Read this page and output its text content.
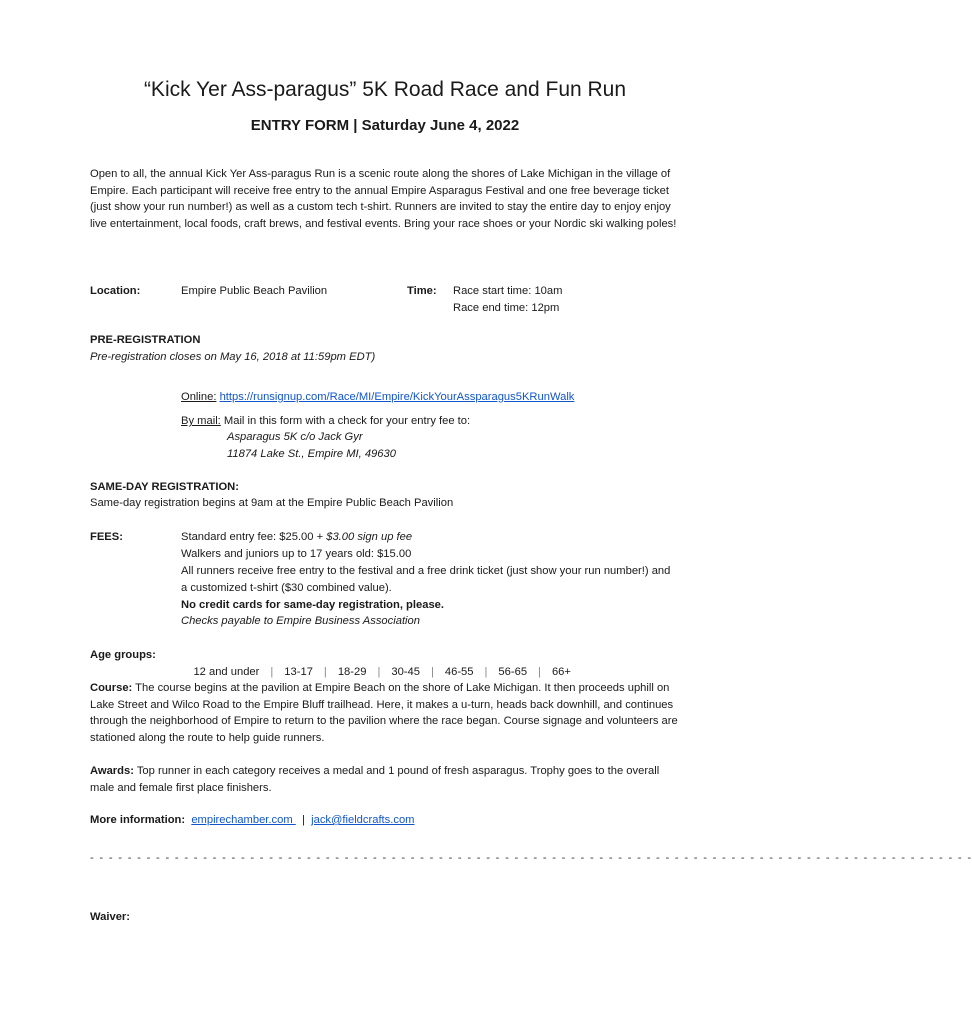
“Kick Yer Ass-paragus” 5K Road Race and Fun Run
ENTRY FORM | Saturday June 4, 2022
Open to all, the annual Kick Yer Ass-paragus Run is a scenic route along the shores of Lake Michigan in the village of Empire. Each participant will receive free entry to the annual Empire Asparagus Festival and one free beverage ticket (just show your run number!) as well as a custom tech t-shirt. Runners are invited to stay the entire day to enjoy enjoy live entertainment, local foods, craft brews, and festival events. Bring your race shoes or your Nordic ski walking poles!
Location:	Empire Public Beach Pavilion	Time: Race start time: 10am
Race end time: 12pm
PRE-REGISTRATION
Pre-registration closes on May 16, 2018 at 11:59pm EDT)
Online: https://runsignup.com/Race/MI/Empire/KickYourAssparagus5KRunWalk
By mail: Mail in this form with a check for your entry fee to:
Asparagus 5K c/o Jack Gyr
11874 Lake St., Empire MI, 49630
SAME-DAY REGISTRATION:
Same-day registration begins at 9am at the Empire Public Beach Pavilion
FEES:	Standard entry fee: $25.00 + $3.00 sign up fee
Walkers and juniors up to 17 years old: $15.00
All runners receive free entry to the festival and a free drink ticket (just show your run number!) and
a customized t-shirt ($30 combined value).
No credit cards for same-day registration, please.
Checks payable to Empire Business Association
Age groups:

12 and under | 13-17 | 18-29 | 30-45 | 46-55 | 56-65 | 66+

Course: The course begins at the pavilion at Empire Beach on the shore of Lake Michigan. It then proceeds uphill on Lake Street and Wilco Road to the Empire Bluff trailhead. Here, it makes a u-turn, heads back downhill, and continues through the neighborhood of Empire to return to the pavilion where the race began. Course signage and volunteers are stationed along the route to help guide runners.
Awards: Top runner in each category receives a medal and 1 pound of fresh asparagus. Trophy goes to the overall male and female first place finishers.
More information: empirechamber.com   | jack@fieldcrafts.com
- - - - - - - - - - - - - - - - - - - - - - - - - - - - - - - - - - - - - - - - - - - - - - - - - - - - - - - - - - - - - - - - - - - - - - - - - - - - - - - - - - - - - - - - - - - - - -
Waiver:
